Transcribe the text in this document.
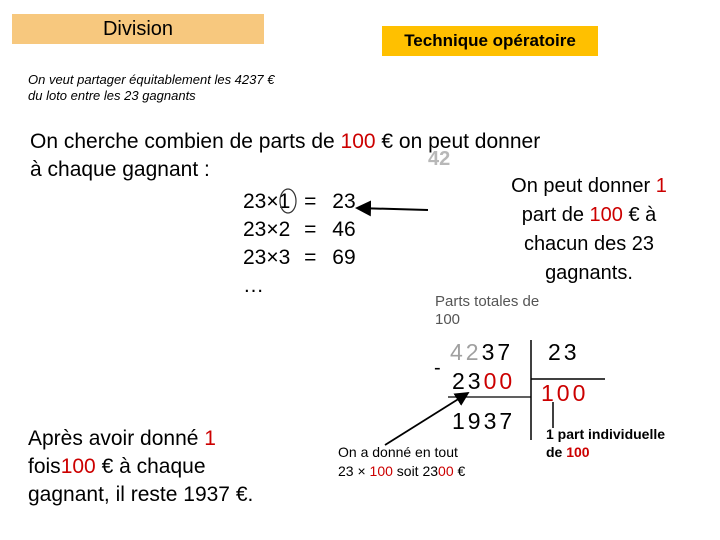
Division
Technique opératoire
On veut partager équitablement les 4237 €
du loto entre les 23 gagnants
On cherche combien de parts de 100 € on peut donner
à chaque gagnant :	42
23×1 = 23
23×2 = 46
23×3 = 69
…
On peut donner 1
part de 100 € à
chacun des 23
gagnants.
Parts totales de
100
4237 23
- 2300 100
1937
Après avoir donné 1
fois100 € à chaque
gagnant, il reste 1937 €.
On a donné en tout
23 × 100 soit 2300 €
1 part individuelle
de 100
